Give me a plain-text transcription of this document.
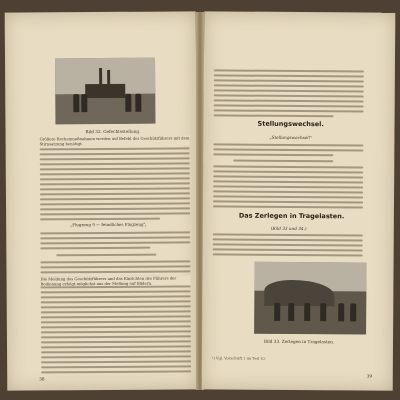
Bild 32. Gefechtsstellung.
Größere Rechenmaßnahmen werden auf Befehl des Geschützführers mit dem Stirnsatzung benötigt.
„Flugzeug 9 — feindliches Flugzeug"
Die Meldung des Geschützführers und das Einrichten des Führers der Bedienung erfolgt möglichst aus der Stellung auf Bildern.
38
Stellungswechsel.
„Stellungswechsel!"
Das Zerlegen in Tragelasten.
(Bild 33 und 34.)
Bild 33. Zerlegen in Tragelasten.
¹) Vgl. Vorschrift 1 im Teil 10.
39
